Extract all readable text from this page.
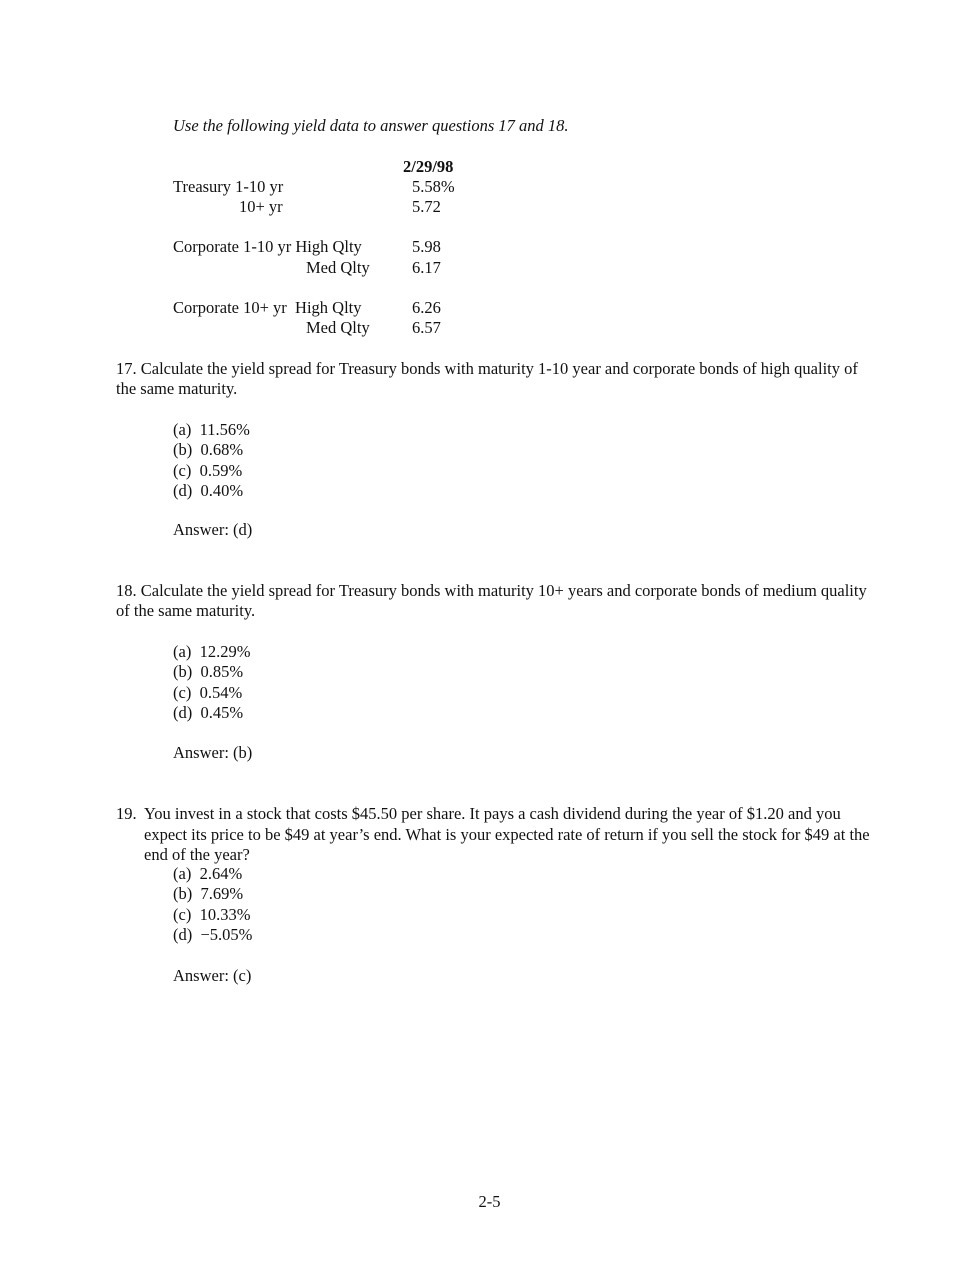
Use the following yield data to answer questions 17 and 18.
2/29/98
Treasury 1-10 yr	5.58%
10+ yr	5.72
Corporate 1-10 yr High Qlty	5.98
Med Qlty	6.17
Corporate 10+ yr  High Qlty	6.26
Med Qlty	6.57
17. Calculate the yield spread for Treasury bonds with maturity 1-10 year and corporate bonds of high quality of the same maturity.
(a)  11.56%
(b)  0.68%
(c)  0.59%
(d)  0.40%
Answer: (d)
18. Calculate the yield spread for Treasury bonds with maturity 10+ years and corporate bonds of medium quality of the same maturity.
(a)  12.29%
(b)  0.85%
(c)  0.54%
(d)  0.45%
Answer: (b)
19. You invest in a stock that costs $45.50 per share. It pays a cash dividend during the year of $1.20 and you expect its price to be $49 at year’s end. What is your expected rate of return if you sell the stock for $49 at the end of the year?
(a)  2.64%
(b)  7.69%
(c)  10.33%
(d)  −5.05%
Answer: (c)
2-5
